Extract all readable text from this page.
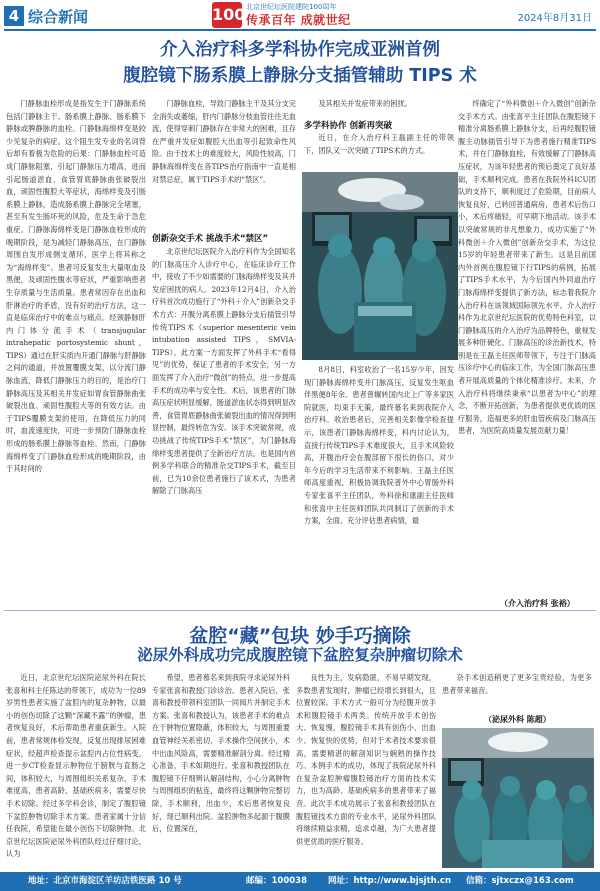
4 综合新闻	100 北京世纪坛医院建院100周年
传承百年 成就世纪	2024年8月31日
介入治疗科多学科协作完成亚洲首例
腹腔镜下肠系膜上静脉分支插管辅助 TIPS 术

门静脉血栓形成是指发生于门静脉系统包括门静脉主干、肠系膜上静脉、肠系膜下静脉或脾静脉的血栓。门静脉海绵样变是较少见复杂的病症。这个阻生发专业的名词背后却有着极为危险的后果：门静脉血栓可造成门静脉阻塞，引起门静脉压力增高，进而引起肠道淤血、食管胃底静脉曲张破裂出血，顽固性腹腔大等症状，海绵样变及引肠系膜上静脉，造成肠系膜上静脉完全堵塞，甚至有发生肠坏死的风险，危及生命于急危重症。门静脉海绵样变是门静脉血栓形成的晚期阶段，是为减轻门静脉高压，在门静脉周围自发形成侧支循环，医学上将其称之为“海绵样变”。患者可反复发生大量呕血及黑便，及顽固性腹水等症状，严重影响患者生存质量与生活质量。患者常因存在出血和肝淋治疗的矛盾，没有好的治疗方法，这一直是临床治疗中的难点与痛点。经颈静脉肝内门体分流手术（transjugular intrahepatic portosystemic shunt，TIPS）通过在肝实质内开通门静脉与肝静脉之间的通道，并放置覆膜支架，以分流门静脉血流，降低门静脉压力的目的，是治疗门静脉高压及其相关并发症如胃食管静脉曲张破裂出血、顽固性腹腔大等的有效方法。由于TIPS覆膜支架的使用，在降低压力的同时，血流速度快，可进一步预防门静脉血栓形成的肠系膜上静脉等血栓。然而，门静脉海绵样变了门静脉血栓形成的晚期阶段，由于其时间的

门静脉血栓，导致门静脉主干及其分支完全消失或萎缩，肝内门静脉分枝血管往往无血流，使得穿刺门静脉存在非常大的困难，且存在严重并发症如腹腔大出血等引起致命性风险。由于技术上的难度较大，风险性较高，门静脉海绵样变在各TIPS治疗指南中一直是相对禁忌症，属于TIPS手术的“禁区”。

创新杂交手术 挑战手术“禁区”

北京世纪坛医院介入治疗科作为全国知名的门脉高压介入诊疗中心，在临床诊疗工作中，接收了不少如需要的门脉海绵样变及其并发症困扰的病人。2023年12月4日，介入治疗科首次成功施行了“外科＋介入”创新杂交手术方式：开腹分离系膜上静脉分支后插管引导传统TIPS术（superior mesenteric vein intubation assisted TIPS，SMVIA-TIPS）。此方案一方面发挥了外科手术“看得见”的优势，保证了患者的手术安全，另一方面发挥了介入治疗“微创”的特点，进一步提高手术的成功率与安全性。术后，该患者的门脉高压症状明显缓解，肠道淤血状态得到明显改善，食管胃底静脉曲张破裂出血的情况得到明显控制，最终转危为安。该手术突破常规，成功挑战了传统TIPS手术“禁区”，为门静脉海绵样变患者提供了全新治疗方法，也是国内首例多学科联合的精准杂交TIPS手术，截至目前，已为10余位患者施行了该术式，为患者解除了门脉高压

及其相关并发症带来的困扰。

多学科协作 创新再突破

近日，在介入治疗科王磊副主任的带领下，团队又一次突破了TIPS术的方式。

8月8日，科室收治了一名15岁少年，因发现门静脉海绵样变并门脉高压，反复发生呕血伴黑便8年余。患者曾辗转国内北上广等多家医院就医，均束手无策，最终慕名来到我院介入治疗科。收治患者后，完善相关影像学检查提示，该患者门静脉海绵样变，科内讨论认为，直接行传统TIPS手术难度很大，且手术风险较高，开腹治疗会在腹部留下很长的伤口，对少年今后的学习生活带来不利影响。王磊主任医师高度重视，积极协调我院普外中心胃肠外科专家张喜平主任团队，外科徐和康副主任医师和张喜中主任医师团队共同制订了创新的手术方案，全面、充分评估患者病情，最

终确定了“外科微创＋介入微创”创新杂交手术方式。由张喜平主任团队在腹腔镜下精准分离肠系膜上静脉分支，后再经腹腔镜腹主动脉插管引导下为患者施行精准TIPS术，并在门静脉血栓，有效缓解了门静脉高压症状，为该年轻患者的预后奠定了良好基础，手术顺利完成。患者在我院外科ICU团队的支持下，顺利度过了危险期，目前病人恢复良好，已转回普通病房，患者术后伤口小，术后疼痛轻，可早期下地活动。该手术以突破常规的非凡想象力，成功实施了“外科微创＋介入微创”创新杂交手术，为这位15岁的年轻患者带来了新生。这是目前国内外首例在腹腔镜下行TIPS的病例，拓展了TIPS手术水平，为今后国内外同道治疗门脉海绵样变提供了新方法，标志着我院介入治疗科在该领域国际领先水平。介入治疗科作为北京世纪坛医院的优势特色科室，以门静脉高压的介入治疗为品牌特色，重视发展多种肝硬化、门脉高压的诊治新技术，特别是在王磊主任医师带领下，专注于门脉高压诊疗中心的临床工作，为全国门脉高压患者开展高质量的个体化精准诊疗。未来，介入治疗科将继续秉承“以患者为中心”的理念，不断开拓创新，为患者提供更优质的医疗服务，造福更多的肝血管疾病及门脉高压患者，为医院高质量发展贡献力量！

（介入治疗科 张裕）
盆腔“藏”包块 妙手巧摘除
泌尿外科成功完成腹腔镜下盆腔复杂肿瘤切除术

近日，北京世纪坛医院泌尿外科在院长张喜和科主任陈达的带领下，成功为一位89岁男性患者实施了盆腔内的复杂肿物，以最小的创伤切除了这颗“深藏不露”的肿瘤，患者恢复良好，术后帮助患者重获新生。入院前，患者常规体检发现，反复出现排尿困难症状，经超声检查提示盆腔内占位性病变，进一步CT检查显示肿物位于膀胱与直肠之间，体积较大，与周围组织关系复杂，手术难度高，患者高龄，基础疾病多，需要尽快手术切除。经过多学科会诊，制定了腹腔镜下盆腔肿物切除手术方案。患者家属十分信任我院，希望能在最小创伤下切除肿物。北京世纪坛医院泌尿外科团队经过仔细讨论，认为

希望，患者慕名来到我院寻求泌尿外科专家张喜和教授门诊诊治。患者入院后，张喜和教授带领科室团队一同阅片并制定手术方案。张喜和教授认为，该患者手术的难点在于肿物位置隐蔽，体积较大，与周围重要血管神经关系密切，手术操作空间狭小，术中出血风险高，需要精准解剖分离。经过精心准备，手术如期进行。张喜和教授团队在腹腔镜下仔细辨认解剖结构，小心分离肿物与周围组织的粘连，最终将这颗肿物完整切除，手术顺利，出血少，术后患者恢复良好，现已顺利出院。盆腔肿物多起源于腹膜后，位置深在，

良性为主，发病隐匿，不易早期发现，多数患者发现时，肿瘤已经增长到很大，且位置较深。手术方式一般可分为经腹开放手术和腹腔镜手术两类。传统开放手术创伤大、恢复慢，腹腔镜手术具有创伤小、出血少、恢复快的优势，但对于术者技术要求很高，需要精湛的解剖知识与娴熟的操作技巧。本例手术的成功，体现了我院泌尿外科在复杂盆腔肿瘤腹腔镜治疗方面的技术实力，也为高龄、基础疾病多的患者带来了福音。此次手术成功展示了张喜和教授团队在腹腔镜技术方面的专业水平，泌尿外科团队将继续精益求精，追求卓越，为广大患者提供更优质的医疗服务。

杂手术创造稍更了更多宝贵经验，为更多患者带来福音。

（泌尿外科 陈超）
地址：北京市海淀区羊坊店铁医路 10 号	邮编：100038 网址：http://www.bjsjth.cn 信箱：sjtxczx@163.com
